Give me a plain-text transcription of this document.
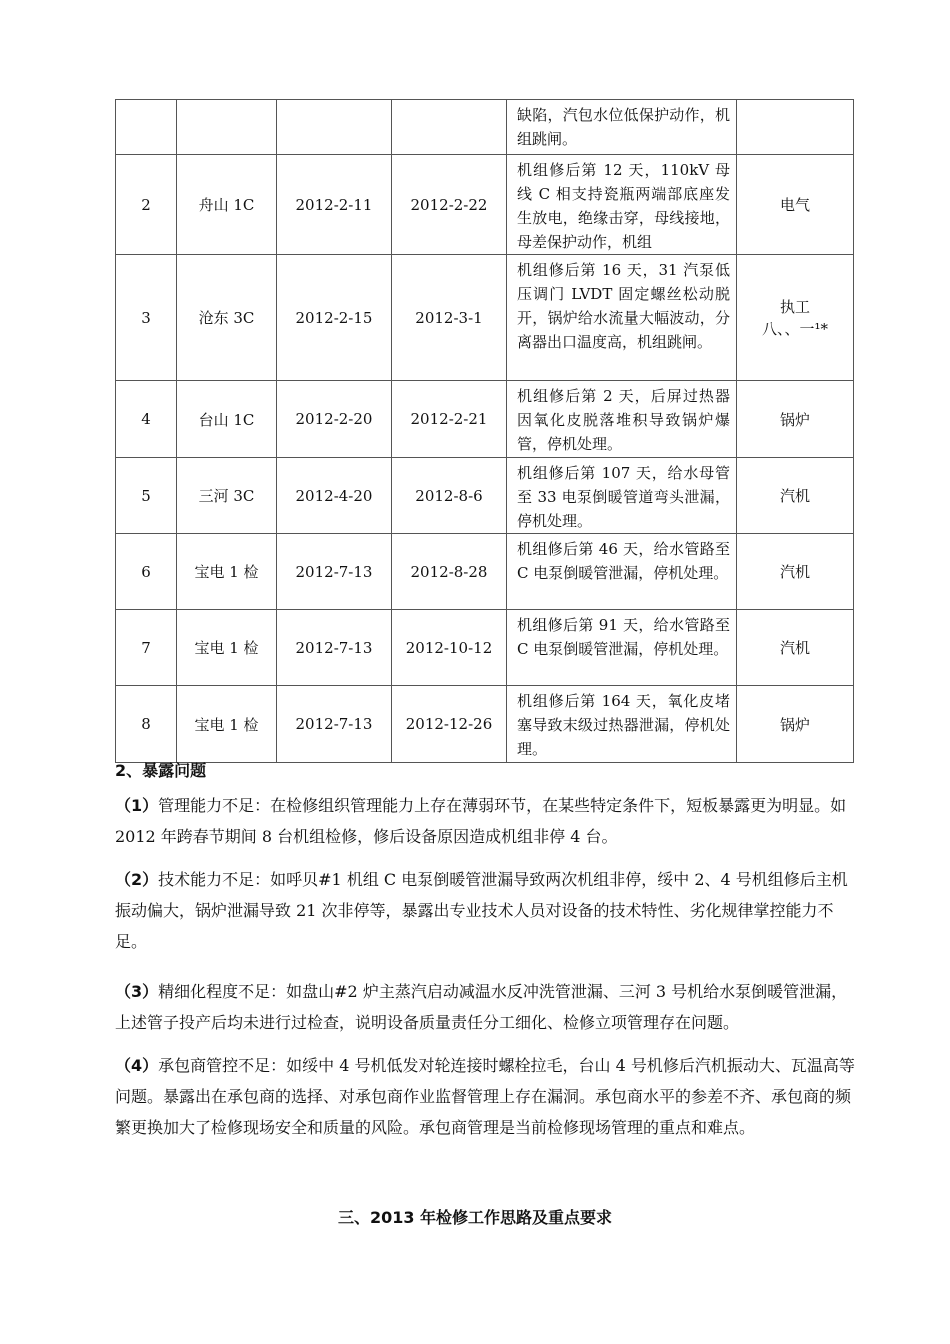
				缺陷，汽包水位低保护动作，机组跳闸。	

2	舟山 1C	2012-2-11	2012-2-22	机组修后第 12 天，110kV 母线 C 相支持瓷瓶两端部底座发生放电，绝缘击穿，母线接地，母差保护动作，机组	电气
3	沧东 3C	2012-2-15	2012-3-1	机组修后第 16 天，31 汽泵低压调门 LVDT 固定螺丝松动脱开，锅炉给水流量大幅波动，分离器出口温度高，机组跳闸。	执工
八、、一¹*

4	台山 1C	2012-2-20	2012-2-21	机组修后第 2 天，后屏过热器因氧化皮脱落堆积导致锅炉爆管，停机处理。	锅炉
5	三河 3C	2012-4-20	2012-8-6	机组修后第 107 天，给水母管至 33 电泵倒暖管道弯头泄漏，停机处理。	汽机
6	宝电 1 检	2012-7-13	2012-8-28	机组修后第 46 天，给水管路至 C 电泵倒暖管泄漏，停机处理。	汽机
7	宝电 1 检	2012-7-13	2012-10-12	机组修后第 91 天，给水管路至 C 电泵倒暖管泄漏，停机处理。	汽机
8	宝电 1 检	2012-7-13	2012-12-26	机组修后第 164 天，氧化皮堵塞导致末级过热器泄漏，停机处理。	锅炉
2、暴露问题
（1）管理能力不足：在检修组织管理能力上存在薄弱环节，在某些特定条件下，短板暴露更为明显。如 2012 年跨春节期间 8 台机组检修，修后设备原因造成机组非停 4 台。
（2）技术能力不足：如呼贝#1 机组 C 电泵倒暖管泄漏导致两次机组非停，绥中 2、4 号机组修后主机振动偏大，锅炉泄漏导致 21 次非停等，暴露出专业技术人员对设备的技术特性、劣化规律掌控能力不足。
（3）精细化程度不足：如盘山#2 炉主蒸汽启动减温水反冲洗管泄漏、三河 3 号机给水泵倒暖管泄漏，上述管子投产后均未进行过检查，说明设备质量责任分工细化、检修立项管理存在问题。
（4）承包商管控不足：如绥中 4 号机低发对轮连接时螺栓拉毛，台山 4 号机修后汽机振动大、瓦温高等问题。暴露出在承包商的选择、对承包商作业监督管理上存在漏洞。承包商水平的参差不齐、承包商的频繁更换加大了检修现场安全和质量的风险。承包商管理是当前检修现场管理的重点和难点。
三、2013 年检修工作思路及重点要求
